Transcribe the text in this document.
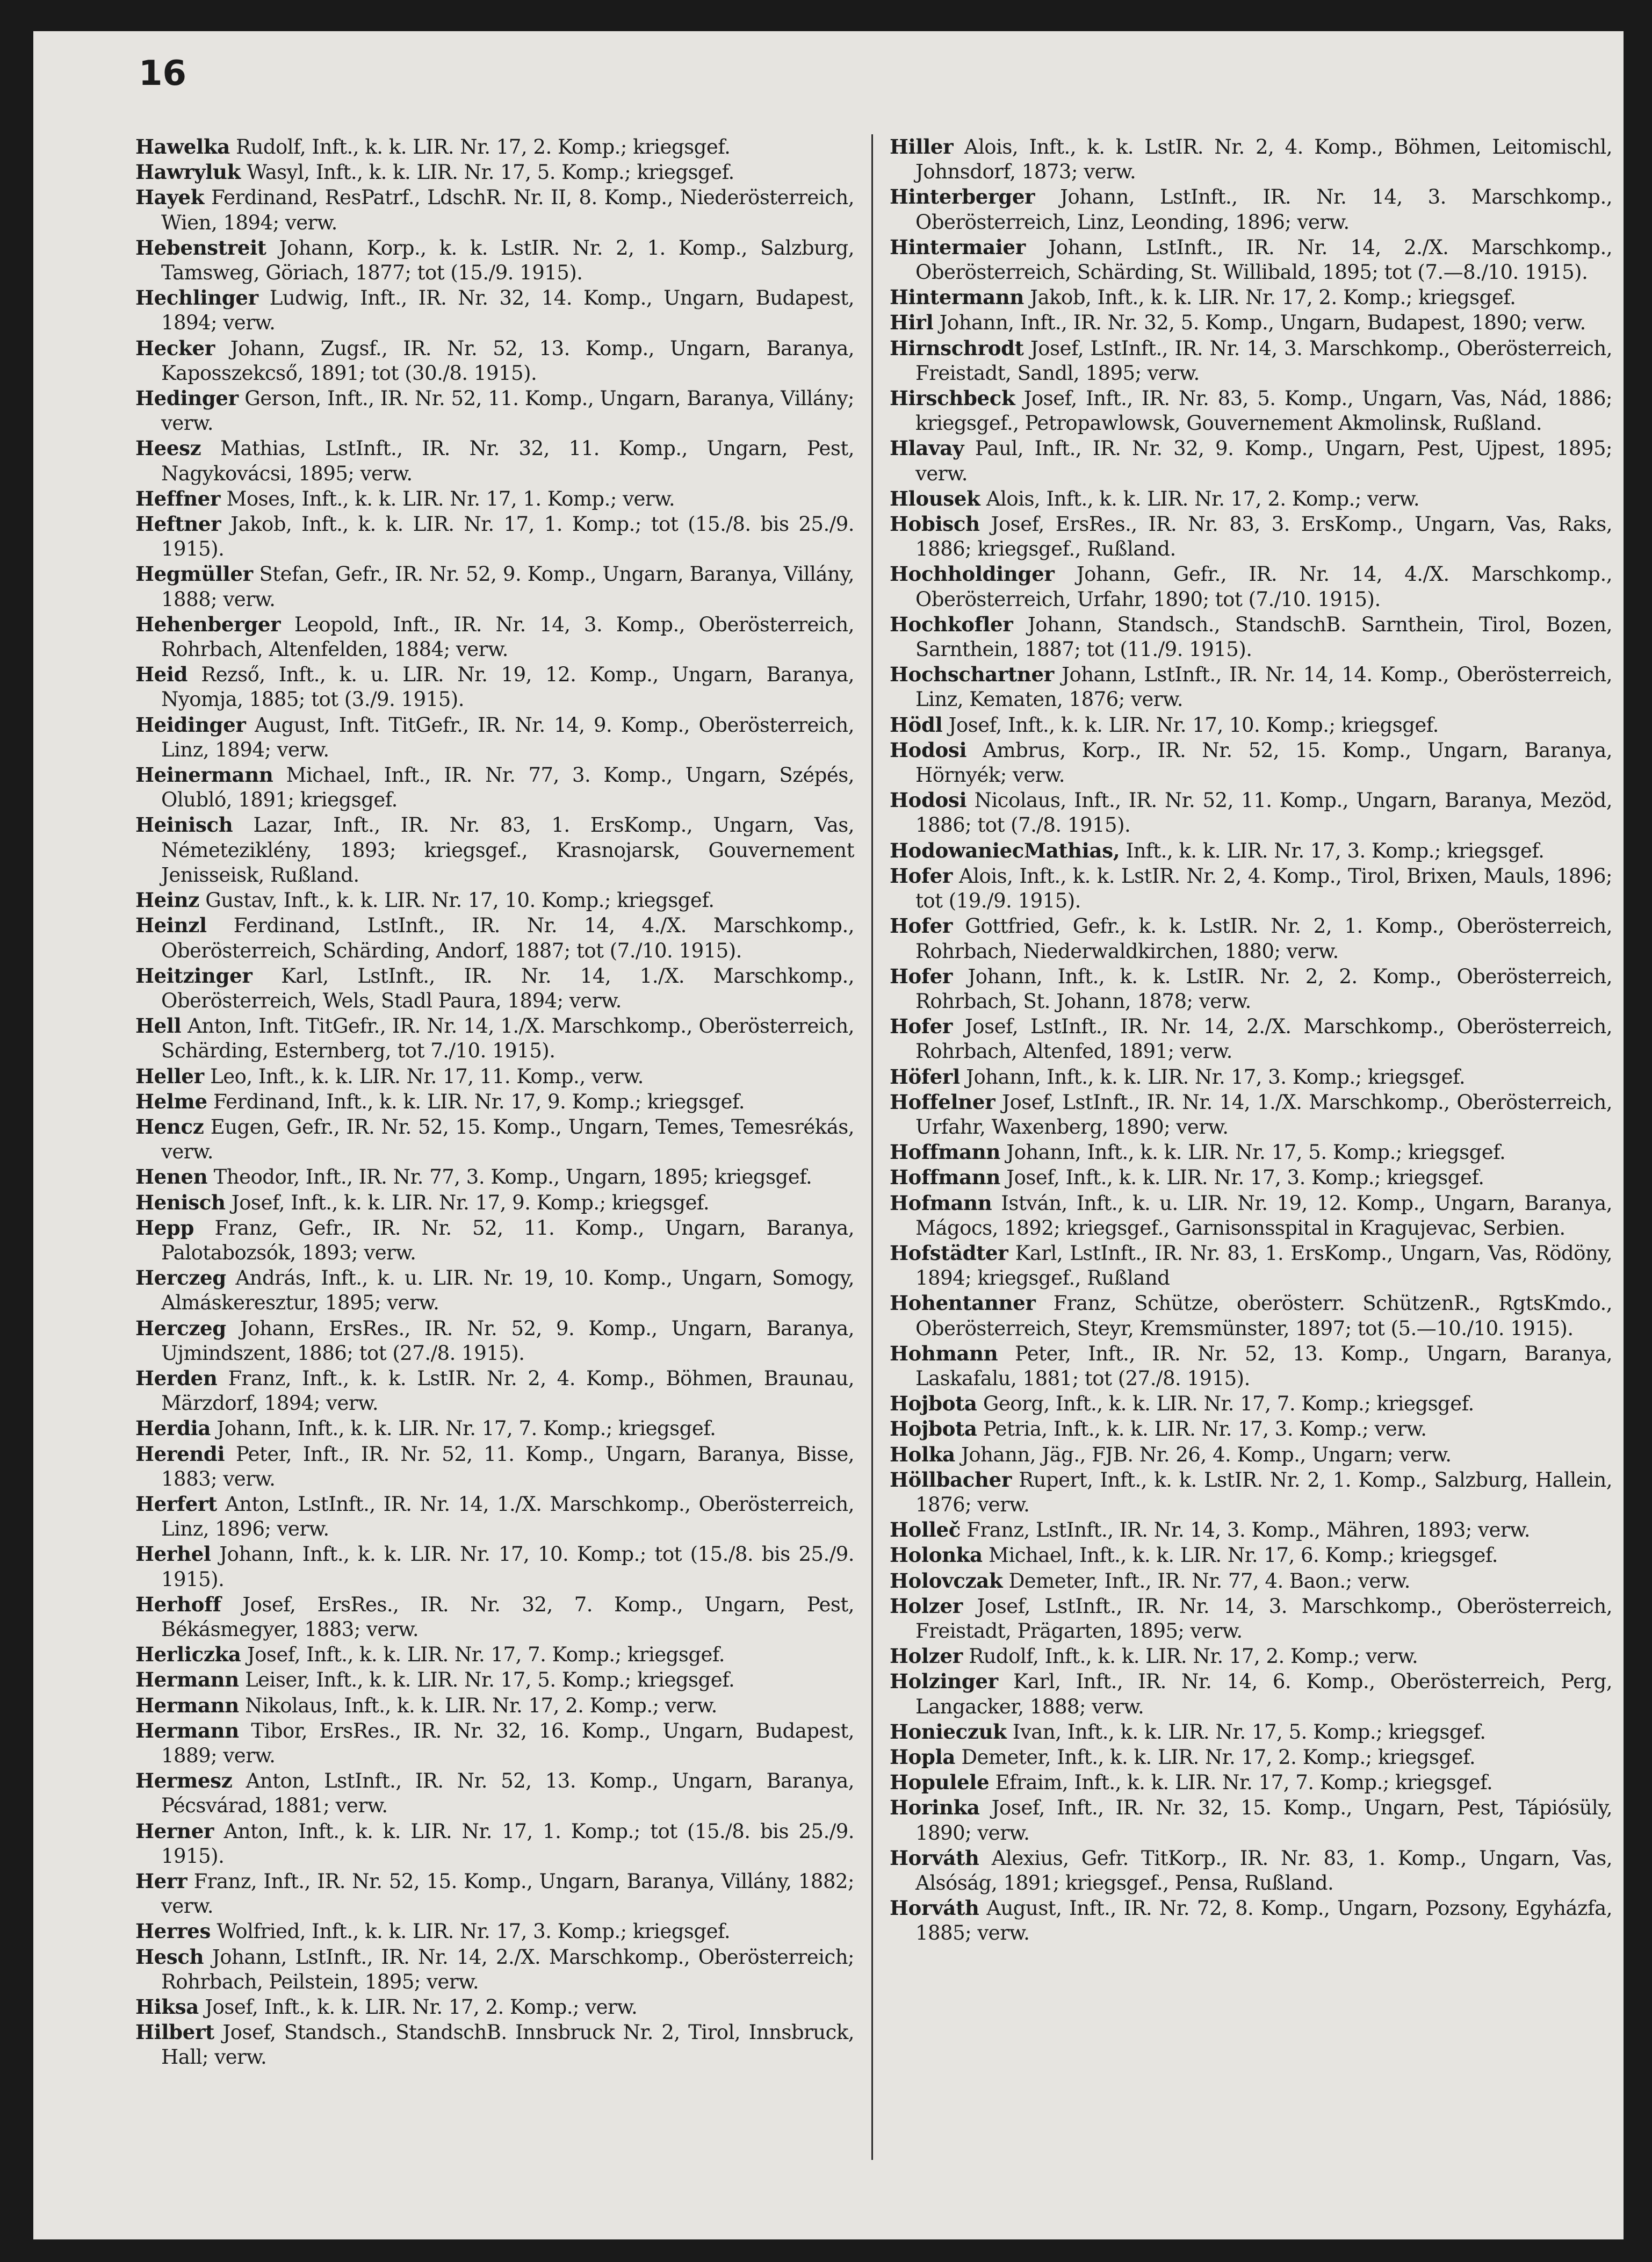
16

Hawelka Rudolf, Inft., k. k. LIR. Nr. 17, 2. Komp.; kriegsgef.

Hawryluk Wasyl, Inft., k. k. LIR. Nr. 17, 5. Komp.; kriegsgef.

Hayek Ferdinand, ResPatrf., LdschR. Nr. II, 8. Komp., Niederösterreich, Wien, 1894; verw.

Hebenstreit Johann, Korp., k. k. LstIR. Nr. 2, 1. Komp., Salzburg, Tamsweg, Göriach, 1877; tot (15./9. 1915).

Hechlinger Ludwig, Inft., IR. Nr. 32, 14. Komp., Ungarn, Budapest, 1894; verw.

Hecker Johann, Zugsf., IR. Nr. 52, 13. Komp., Ungarn, Baranya, Kaposszekcső, 1891; tot (30./8. 1915).

Hedinger Gerson, Inft., IR. Nr. 52, 11. Komp., Ungarn, Baranya, Villány; verw.

Heesz Mathias, LstInft., IR. Nr. 32, 11. Komp., Ungarn, Pest, Nagykovácsi, 1895; verw.

Heffner Moses, Inft., k. k. LIR. Nr. 17, 1. Komp.; verw.

Heftner Jakob, Inft., k. k. LIR. Nr. 17, 1. Komp.; tot (15./8. bis 25./9. 1915).

Hegmüller Stefan, Gefr., IR. Nr. 52, 9. Komp., Ungarn, Baranya, Villány, 1888; verw.

Hehenberger Leopold, Inft., IR. Nr. 14, 3. Komp., Oberösterreich, Rohrbach, Altenfelden, 1884; verw.

Heid Rezső, Inft., k. u. LIR. Nr. 19, 12. Komp., Ungarn, Baranya, Nyomja, 1885; tot (3./9. 1915).

Heidinger August, Inft. TitGefr., IR. Nr. 14, 9. Komp., Oberösterreich, Linz, 1894; verw.

Heinermann Michael, Inft., IR. Nr. 77, 3. Komp., Ungarn, Szépés, Olubló, 1891; kriegsgef.

Heinisch Lazar, Inft., IR. Nr. 83, 1. ErsKomp., Ungarn, Vas, Németeziklény, 1893; kriegsgef., Krasnojarsk, Gouvernement Jenisseisk, Rußland.

Heinz Gustav, Inft., k. k. LIR. Nr. 17, 10. Komp.; kriegsgef.

Heinzl Ferdinand, LstInft., IR. Nr. 14, 4./X. Marschkomp., Oberösterreich, Schärding, Andorf, 1887; tot (7./10. 1915).

Heitzinger Karl, LstInft., IR. Nr. 14, 1./X. Marschkomp., Oberösterreich, Wels, Stadl Paura, 1894; verw.

Hell Anton, Inft. TitGefr., IR. Nr. 14, 1./X. Marschkomp., Oberösterreich, Schärding, Esternberg, tot 7./10. 1915).

Heller Leo, Inft., k. k. LIR. Nr. 17, 11. Komp., verw.

Helme Ferdinand, Inft., k. k. LIR. Nr. 17, 9. Komp.; kriegsgef.

Hencz Eugen, Gefr., IR. Nr. 52, 15. Komp., Ungarn, Temes, Temesrékás, verw.

Henen Theodor, Inft., IR. Nr. 77, 3. Komp., Ungarn, 1895; kriegsgef.

Henisch Josef, Inft., k. k. LIR. Nr. 17, 9. Komp.; kriegsgef.

Hepp Franz, Gefr., IR. Nr. 52, 11. Komp., Ungarn, Baranya, Palotabozsók, 1893; verw.

Herczeg András, Inft., k. u. LIR. Nr. 19, 10. Komp., Ungarn, Somogy, Almáskeresztur, 1895; verw.

Herczeg Johann, ErsRes., IR. Nr. 52, 9. Komp., Ungarn, Baranya, Ujmindszent, 1886; tot (27./8. 1915).

Herden Franz, Inft., k. k. LstIR. Nr. 2, 4. Komp., Böhmen, Braunau, Märzdorf, 1894; verw.

Herdia Johann, Inft., k. k. LIR. Nr. 17, 7. Komp.; kriegsgef.

Herendi Peter, Inft., IR. Nr. 52, 11. Komp., Ungarn, Baranya, Bisse, 1883; verw.

Herfert Anton, LstInft., IR. Nr. 14, 1./X. Marschkomp., Oberösterreich, Linz, 1896; verw.

Herhel Johann, Inft., k. k. LIR. Nr. 17, 10. Komp.; tot (15./8. bis 25./9. 1915).

Herhoff Josef, ErsRes., IR. Nr. 32, 7. Komp., Ungarn, Pest, Békásmegyer, 1883; verw.

Herliczka Josef, Inft., k. k. LIR. Nr. 17, 7. Komp.; kriegsgef.

Hermann Leiser, Inft., k. k. LIR. Nr. 17, 5. Komp.; kriegsgef.

Hermann Nikolaus, Inft., k. k. LIR. Nr. 17, 2. Komp.; verw.

Hermann Tibor, ErsRes., IR. Nr. 32, 16. Komp., Ungarn, Budapest, 1889; verw.

Hermesz Anton, LstInft., IR. Nr. 52, 13. Komp., Ungarn, Baranya, Pécsvárad, 1881; verw.

Herner Anton, Inft., k. k. LIR. Nr. 17, 1. Komp.; tot (15./8. bis 25./9. 1915).

Herr Franz, Inft., IR. Nr. 52, 15. Komp., Ungarn, Baranya, Villány, 1882; verw.

Herres Wolfried, Inft., k. k. LIR. Nr. 17, 3. Komp.; kriegsgef.

Hesch Johann, LstInft., IR. Nr. 14, 2./X. Marschkomp., Oberösterreich; Rohrbach, Peilstein, 1895; verw.

Hiksa Josef, Inft., k. k. LIR. Nr. 17, 2. Komp.; verw.

Hilbert Josef, Standsch., StandschB. Innsbruck Nr. 2, Tirol, Innsbruck, Hall; verw.

Hiller Alois, Inft., k. k. LstIR. Nr. 2, 4. Komp., Böhmen, Leitomischl, Johnsdorf, 1873; verw.

Hinterberger Johann, LstInft., IR. Nr. 14, 3. Marschkomp., Oberösterreich, Linz, Leonding, 1896; verw.

Hintermaier Johann, LstInft., IR. Nr. 14, 2./X. Marschkomp., Oberösterreich, Schärding, St. Willibald, 1895; tot (7.—8./10. 1915).

Hintermann Jakob, Inft., k. k. LIR. Nr. 17, 2. Komp.; kriegsgef.

Hirl Johann, Inft., IR. Nr. 32, 5. Komp., Ungarn, Budapest, 1890; verw.

Hirnschrodt Josef, LstInft., IR. Nr. 14, 3. Marschkomp., Oberösterreich, Freistadt, Sandl, 1895; verw.

Hirschbeck Josef, Inft., IR. Nr. 83, 5. Komp., Ungarn, Vas, Nád, 1886; kriegsgef., Petropawlowsk, Gouvernement Akmolinsk, Rußland.

Hlavay Paul, Inft., IR. Nr. 32, 9. Komp., Ungarn, Pest, Ujpest, 1895; verw.

Hlousek Alois, Inft., k. k. LIR. Nr. 17, 2. Komp.; verw.

Hobisch Josef, ErsRes., IR. Nr. 83, 3. ErsKomp., Ungarn, Vas, Raks, 1886; kriegsgef., Rußland.

Hochholdinger Johann, Gefr., IR. Nr. 14, 4./X. Marschkomp., Oberösterreich, Urfahr, 1890; tot (7./10. 1915).

Hochkofler Johann, Standsch., StandschB. Sarnthein, Tirol, Bozen, Sarnthein, 1887; tot (11./9. 1915).

Hochschartner Johann, LstInft., IR. Nr. 14, 14. Komp., Oberösterreich, Linz, Kematen, 1876; verw.

Hödl Josef, Inft., k. k. LIR. Nr. 17, 10. Komp.; kriegsgef.

Hodosi Ambrus, Korp., IR. Nr. 52, 15. Komp., Ungarn, Baranya, Hörnyék; verw.

Hodosi Nicolaus, Inft., IR. Nr. 52, 11. Komp., Ungarn, Baranya, Mezöd, 1886; tot (7./8. 1915).

HodowaniecMathias, Inft., k. k. LIR. Nr. 17, 3. Komp.; kriegsgef.

Hofer Alois, Inft., k. k. LstIR. Nr. 2, 4. Komp., Tirol, Brixen, Mauls, 1896; tot (19./9. 1915).

Hofer Gottfried, Gefr., k. k. LstIR. Nr. 2, 1. Komp., Oberösterreich, Rohrbach, Niederwaldkirchen, 1880; verw.

Hofer Johann, Inft., k. k. LstIR. Nr. 2, 2. Komp., Oberösterreich, Rohrbach, St. Johann, 1878; verw.

Hofer Josef, LstInft., IR. Nr. 14, 2./X. Marschkomp., Oberösterreich, Rohrbach, Altenfed, 1891; verw.

Höferl Johann, Inft., k. k. LIR. Nr. 17, 3. Komp.; kriegsgef.

Hoffelner Josef, LstInft., IR. Nr. 14, 1./X. Marschkomp., Oberösterreich, Urfahr, Waxenberg, 1890; verw.

Hoffmann Johann, Inft., k. k. LIR. Nr. 17, 5. Komp.; kriegsgef.

Hoffmann Josef, Inft., k. k. LIR. Nr. 17, 3. Komp.; kriegsgef.

Hofmann István, Inft., k. u. LIR. Nr. 19, 12. Komp., Ungarn, Baranya, Mágocs, 1892; kriegsgef., Garnisonsspital in Kragujevac, Serbien.

Hofstädter Karl, LstInft., IR. Nr. 83, 1. ErsKomp., Ungarn, Vas, Rödöny, 1894; kriegsgef., Rußland

Hohentanner Franz, Schütze, oberösterr. SchützenR., RgtsKmdo., Oberösterreich, Steyr, Kremsmünster, 1897; tot (5.—10./10. 1915).

Hohmann Peter, Inft., IR. Nr. 52, 13. Komp., Ungarn, Baranya, Laskafalu, 1881; tot (27./8. 1915).

Hojbota Georg, Inft., k. k. LIR. Nr. 17, 7. Komp.; kriegsgef.

Hojbota Petria, Inft., k. k. LIR. Nr. 17, 3. Komp.; verw.

Holka Johann, Jäg., FJB. Nr. 26, 4. Komp., Ungarn; verw.

Höllbacher Rupert, Inft., k. k. LstIR. Nr. 2, 1. Komp., Salzburg, Hallein, 1876; verw.

Holleč Franz, LstInft., IR. Nr. 14, 3. Komp., Mähren, 1893; verw.

Holonka Michael, Inft., k. k. LIR. Nr. 17, 6. Komp.; kriegsgef.

Holovczak Demeter, Inft., IR. Nr. 77, 4. Baon.; verw.

Holzer Josef, LstInft., IR. Nr. 14, 3. Marschkomp., Oberösterreich, Freistadt, Prägarten, 1895; verw.

Holzer Rudolf, Inft., k. k. LIR. Nr. 17, 2. Komp.; verw.

Holzinger Karl, Inft., IR. Nr. 14, 6. Komp., Oberösterreich, Perg, Langacker, 1888; verw.

Honieczuk Ivan, Inft., k. k. LIR. Nr. 17, 5. Komp.; kriegsgef.

Hopla Demeter, Inft., k. k. LIR. Nr. 17, 2. Komp.; kriegsgef.

Hopulele Efraim, Inft., k. k. LIR. Nr. 17, 7. Komp.; kriegsgef.

Horinka Josef, Inft., IR. Nr. 32, 15. Komp., Ungarn, Pest, Tápiósüly, 1890; verw.

Horváth Alexius, Gefr. TitKorp., IR. Nr. 83, 1. Komp., Ungarn, Vas, Alsóság, 1891; kriegsgef., Pensa, Rußland.

Horváth August, Inft., IR. Nr. 72, 8. Komp., Ungarn, Pozsony, Egyházfa, 1885; verw.
